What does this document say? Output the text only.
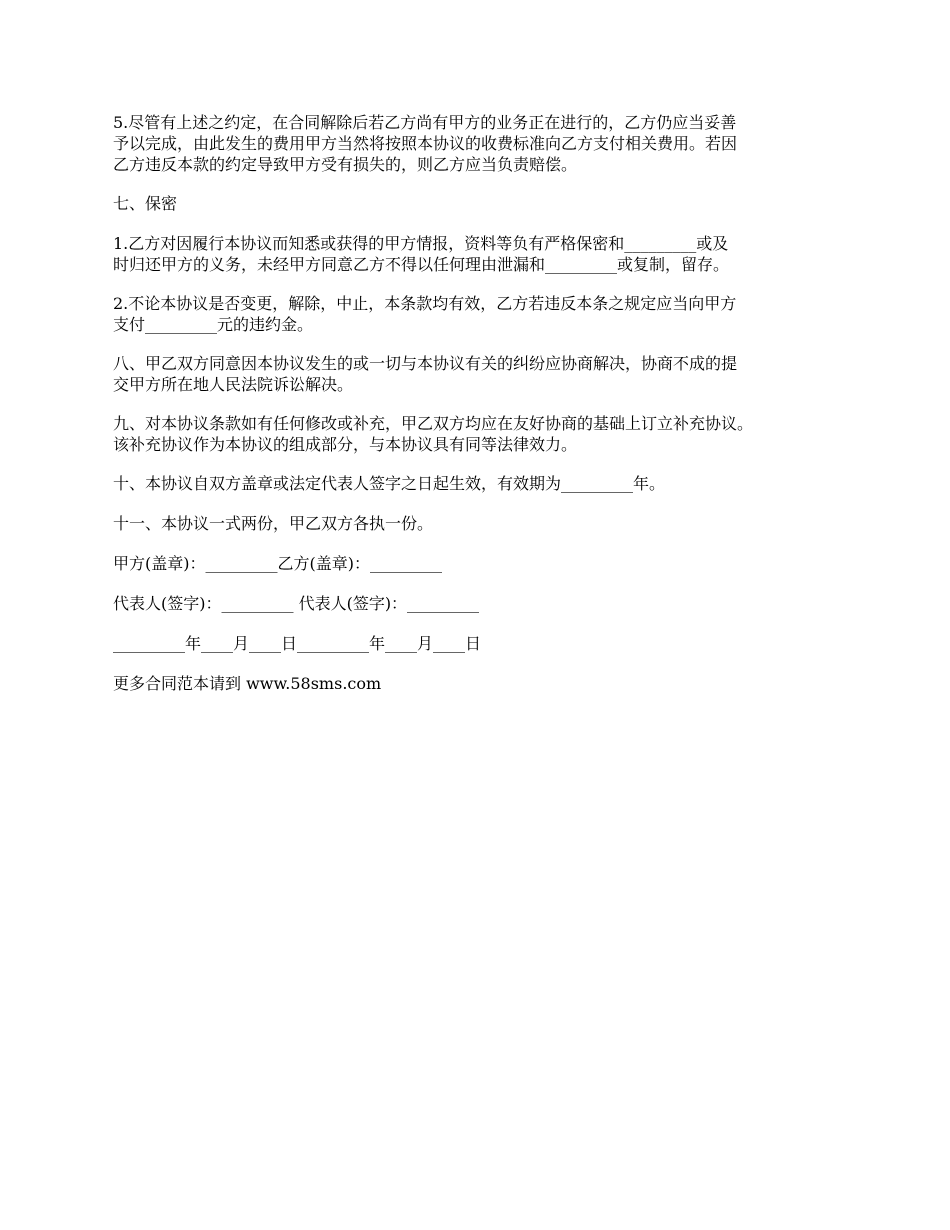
5.尽管有上述之约定，在合同解除后若乙方尚有甲方的业务正在进行的，乙方仍应当妥善
予以完成，由此发生的费用甲方当然将按照本协议的收费标准向乙方支付相关费用。若因
乙方违反本款的约定导致甲方受有损失的，则乙方应当负责赔偿。

七、保密

1.乙方对因履行本协议而知悉或获得的甲方情报，资料等负有严格保密和_________或及
时归还甲方的义务，未经甲方同意乙方不得以任何理由泄漏和_________或复制，留存。

2.不论本协议是否变更，解除，中止，本条款均有效，乙方若违反本条之规定应当向甲方
支付_________元的违约金。

八、甲乙双方同意因本协议发生的或一切与本协议有关的纠纷应协商解决，协商不成的提
交甲方所在地人民法院诉讼解决。

九、对本协议条款如有任何修改或补充，甲乙双方均应在友好协商的基础上订立补充协议。
该补充协议作为本协议的组成部分，与本协议具有同等法律效力。

十、本协议自双方盖章或法定代表人签字之日起生效，有效期为_________年。

十一、本协议一式两份，甲乙双方各执一份。

甲方(盖章)：_________乙方(盖章)：_________

代表人(签字)：_________ 代表人(签字)：_________

_________年____月____日_________年____月____日

更多合同范本请到 www.58sms.com
